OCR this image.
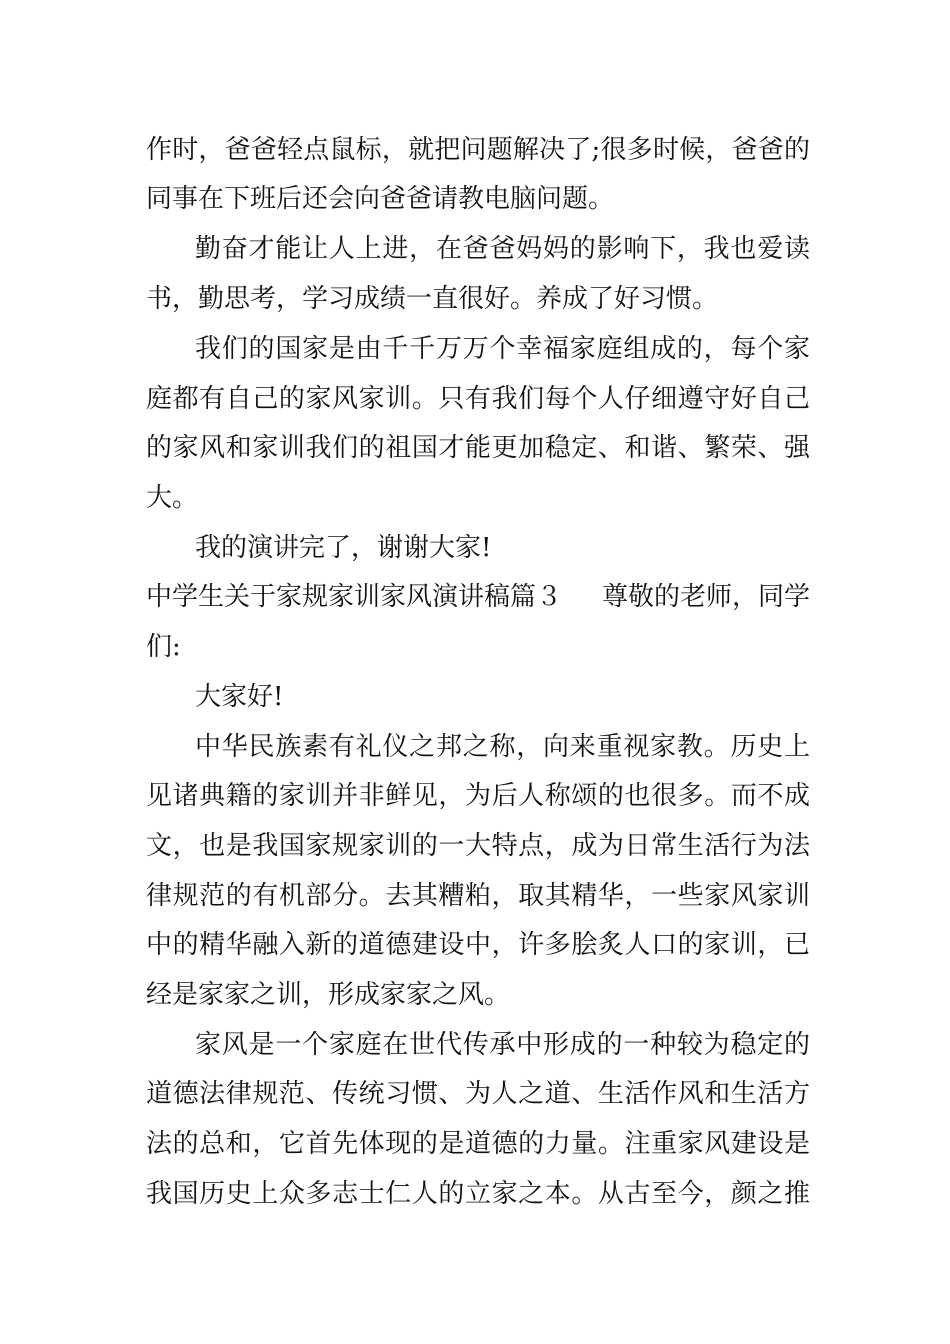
作时，爸爸轻点鼠标，就把问题解决了;很多时候，爸爸的
同事在下班后还会向爸爸请教电脑问题。
勤奋才能让人上进，在爸爸妈妈的影响下，我也爱读
书，勤思考，学习成绩一直很好。养成了好习惯。
我们的国家是由千千万万个幸福家庭组成的，每个家
庭都有自己的家风家训。只有我们每个人仔细遵守好自己
的家风和家训我们的祖国才能更加稳定、和谐、繁荣、强
大。
我的演讲完了，谢谢大家!
中学生关于家规家训家风演讲稿篇３ 尊敬的老师，同学
们:
大家好!
中华民族素有礼仪之邦之称，向来重视家教。历史上
见诸典籍的家训并非鲜见，为后人称颂的也很多。而不成
文，也是我国家规家训的一大特点，成为日常生活行为法
律规范的有机部分。去其糟粕，取其精华，一些家风家训
中的精华融入新的道德建设中，许多脍炙人口的家训，已
经是家家之训，形成家家之风。
家风是一个家庭在世代传承中形成的一种较为稳定的
道德法律规范、传统习惯、为人之道、生活作风和生活方
法的总和，它首先体现的是道德的力量。注重家风建设是
我国历史上众多志士仁人的立家之本。从古至今，颜之推
